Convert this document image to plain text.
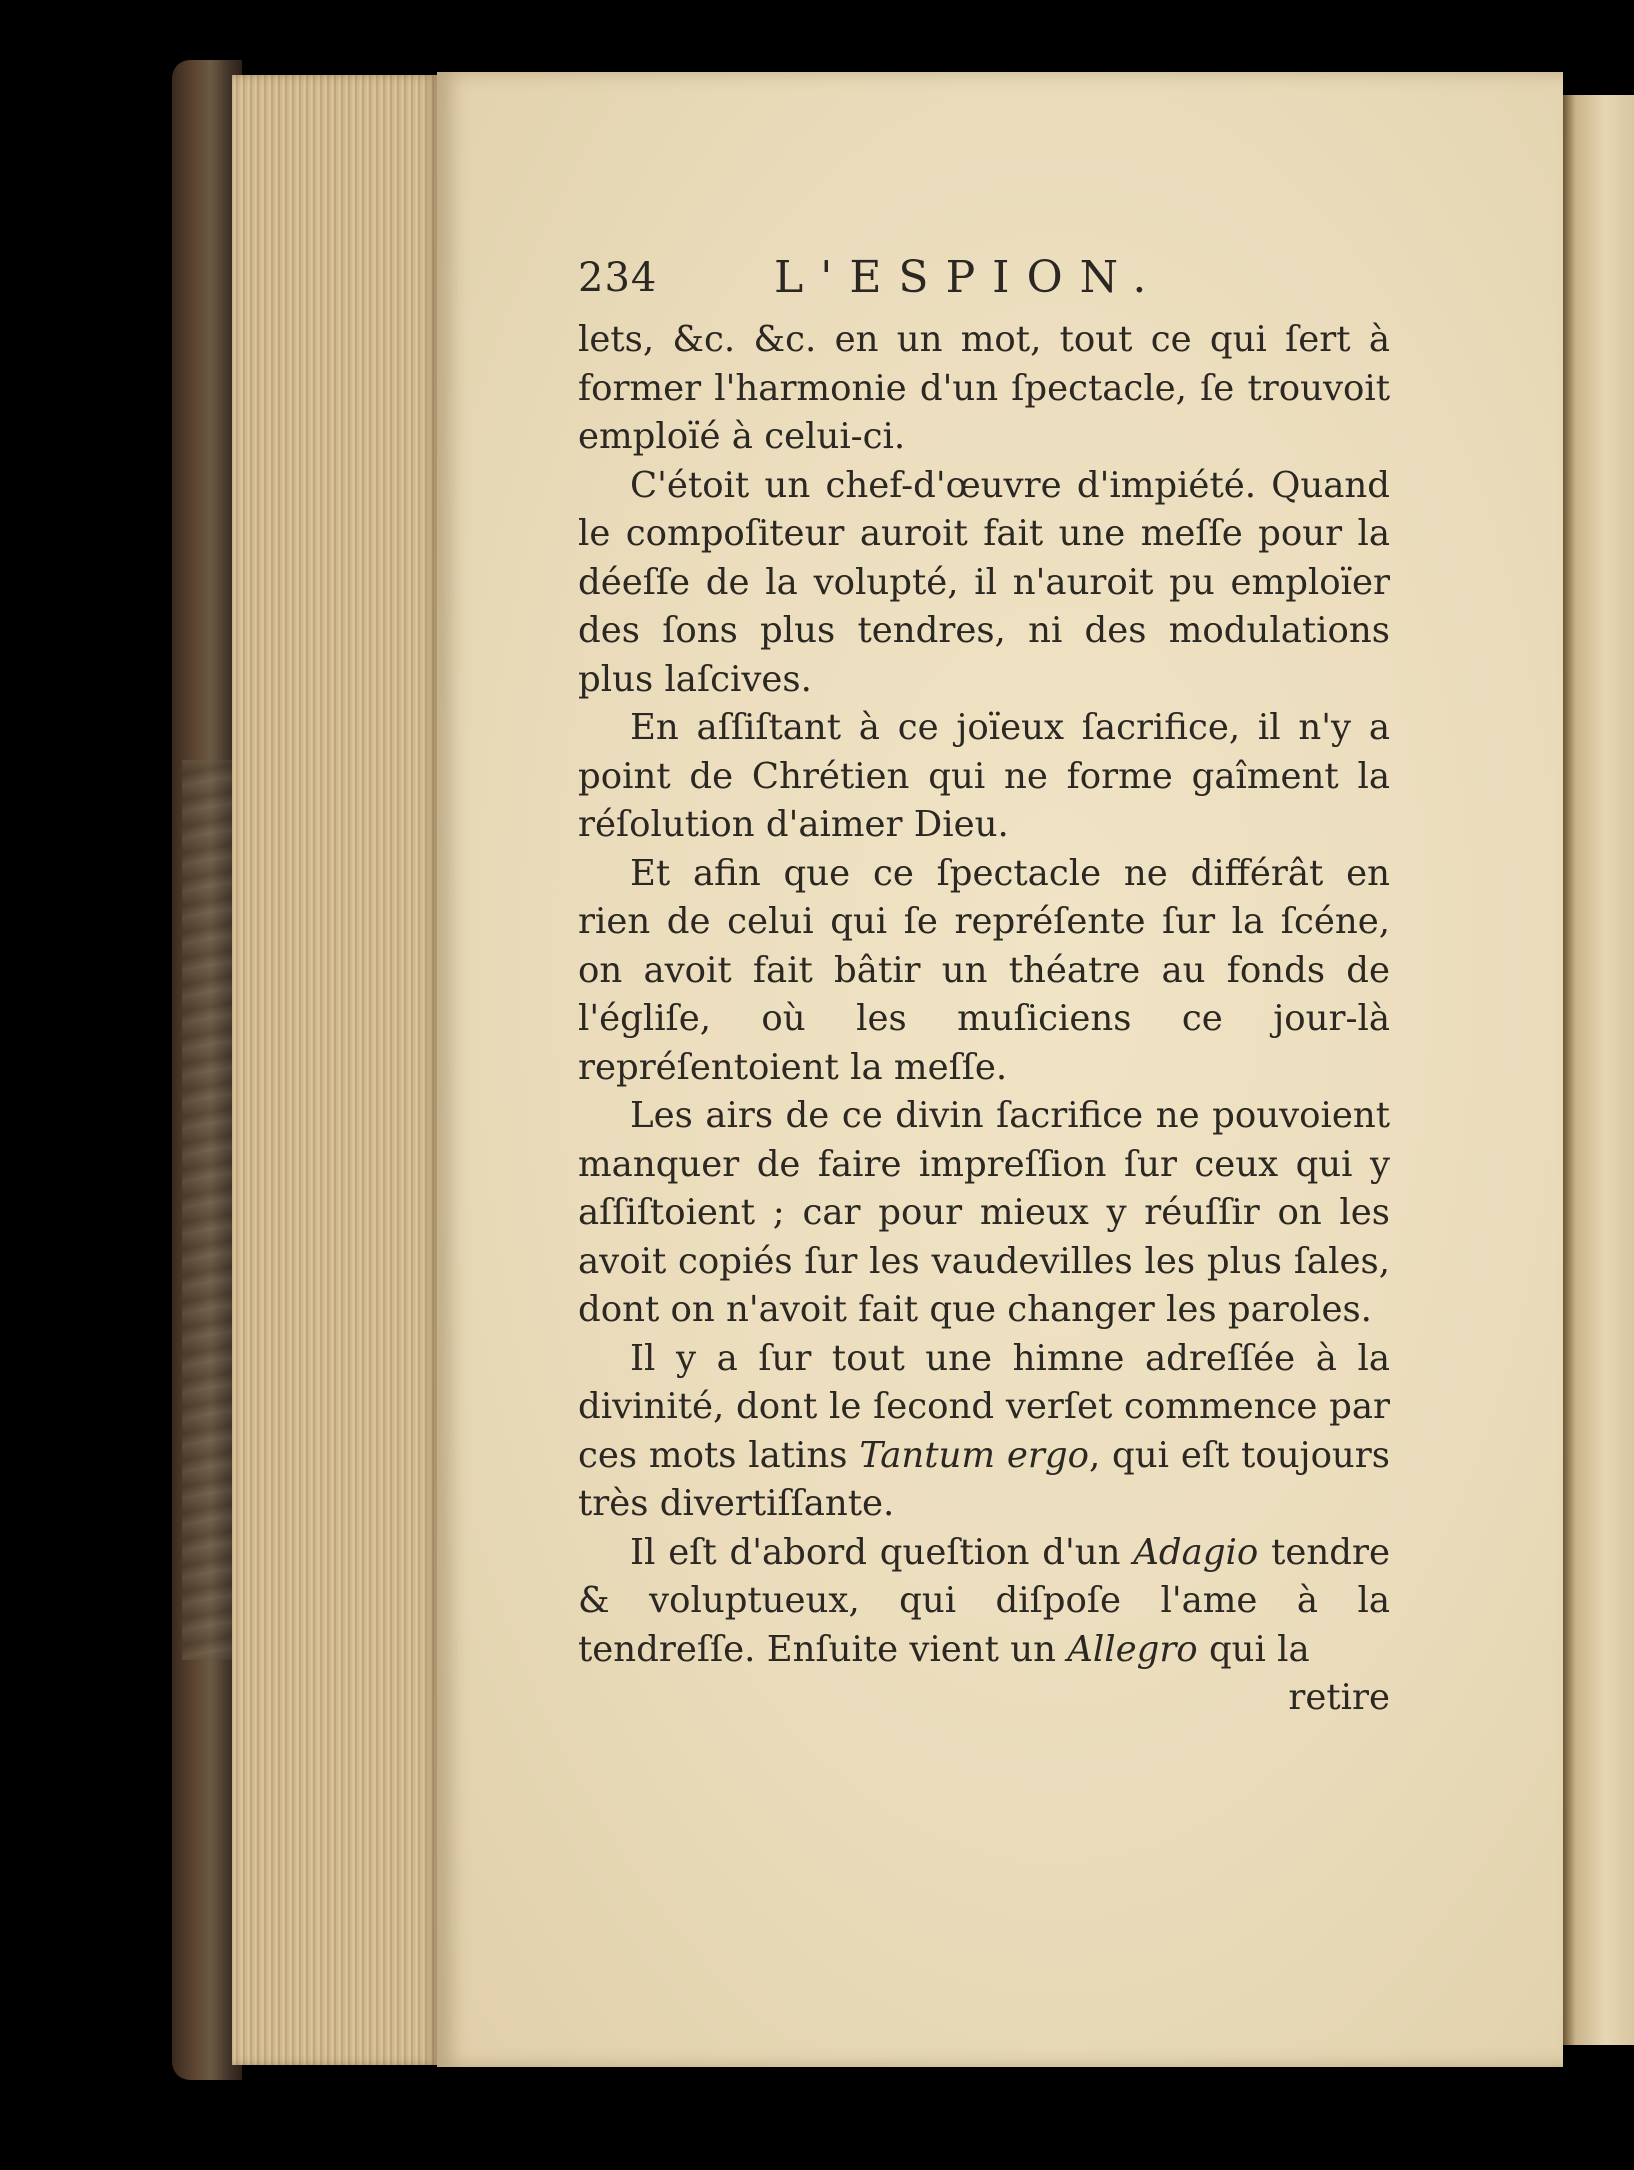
234	L'ESPION.

lets, &c. &c. en un mot, tout ce qui ſert à former l'harmonie d'un ſpectacle, ſe trouvoit emploïé à celui-ci.

C'étoit un chef-d'œuvre d'impiété. Quand le compoſiteur auroit fait une meſſe pour la déeſſe de la volupté, il n'auroit pu emploïer des ſons plus tendres, ni des modulations plus laſcives.

En aſſiſtant à ce joïeux ſacrifice, il n'y a point de Chrétien qui ne forme gaîment la réſolution d'aimer Dieu.

Et afin que ce ſpectacle ne différât en rien de celui qui ſe repréſente ſur la ſcéne, on avoit fait bâtir un théatre au fonds de l'égliſe, où les muſiciens ce jour-là repréſentoient la meſſe.

Les airs de ce divin ſacrifice ne pouvoient manquer de faire impreſſion ſur ceux qui y aſſiſtoient ; car pour mieux y réuſſir on les avoit copiés ſur les vaudevilles les plus ſales, dont on n'avoit fait que changer les paroles.

Il y a ſur tout une himne adreſſée à la divinité, dont le ſecond verſet commence par ces mots latins Tantum ergo, qui eſt toujours très divertiſſante.

Il eſt d'abord queſtion d'un Adagio tendre & voluptueux, qui diſpoſe l'ame à la tendreſſe. Enſuite vient un Allegro qui la

retire
